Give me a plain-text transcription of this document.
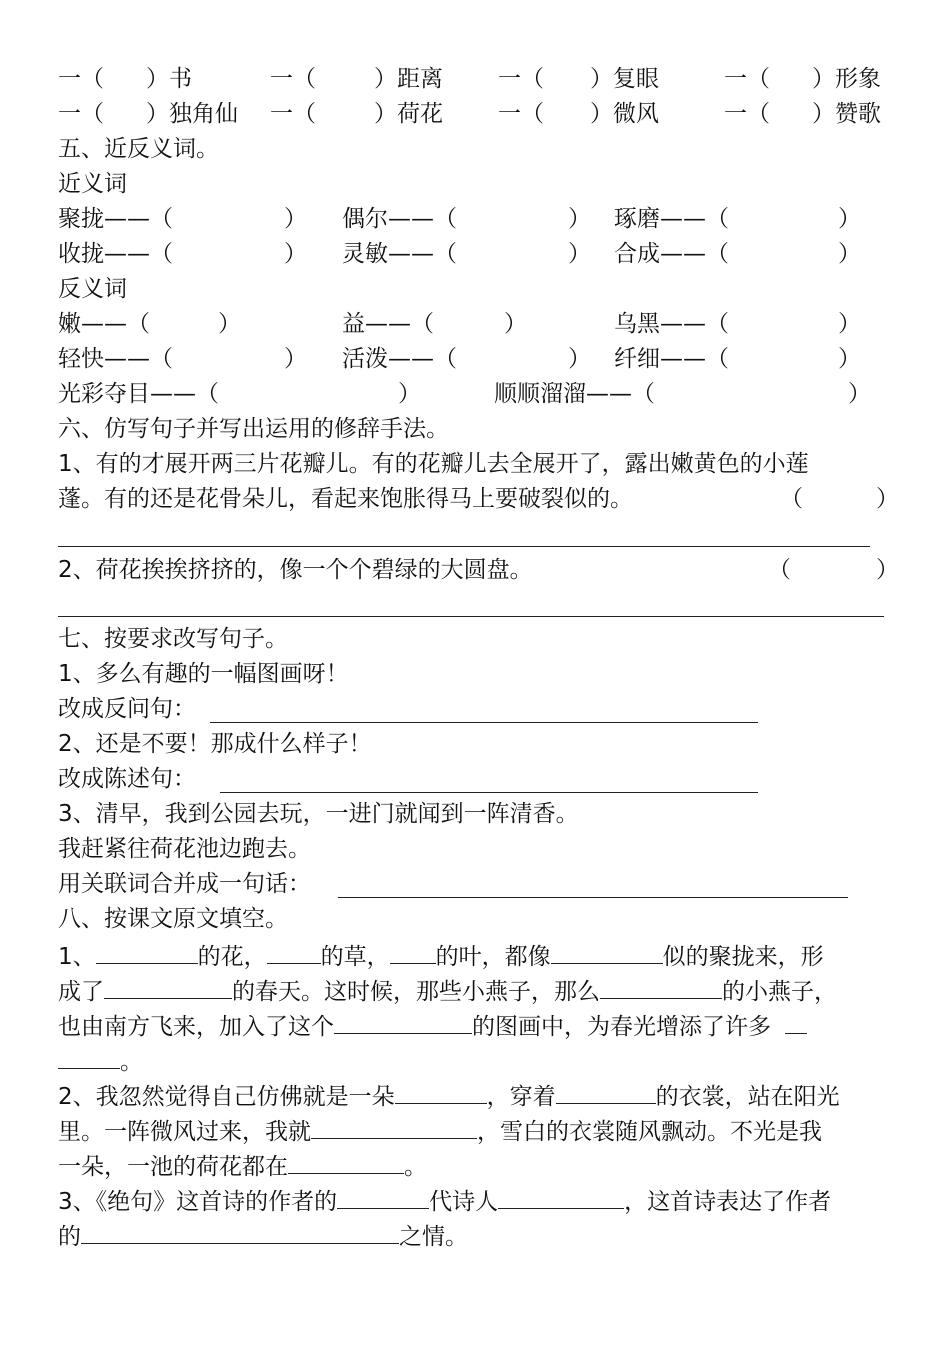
一（ ）书	一（	）距离 一（ ）复眼	一（ ）形象
一（ ）独角仙 一（	）荷花 一（ ）微风	一（ ）赞歌
五、近反义词。
近义词
聚拢——（	） 偶尔——（	） 琢磨——（	）
收拢——（	） 灵敏——（	） 合成——（	）
反义词
嫩——（	）	益——（	）	乌黑——（	）
轻快——（	） 活泼——（	） 纤细——（	）
光彩夺目——（	）	顺顺溜溜——（	）
六、仿写句子并写出运用的修辞手法。
1、有的才展开两三片花瓣儿。有的花瓣儿去全展开了，露出嫩黄色的小莲
蓬。有的还是花骨朵儿，看起来饱胀得马上要破裂似的。	（	）
2、荷花挨挨挤挤的，像一个个碧绿的大圆盘。	（	）
七、按要求改写句子。
1、多么有趣的一幅图画呀！
改成反问句：
2、还是不要！那成什么样子！
改成陈述句：
3、清早，我到公园去玩，一进门就闻到一阵清香。
我赶紧往荷花池边跑去。
用关联词合并成一句话：
八、按课文原文填空。
1、	的花， 的草， 的叶，都像	似的聚拢来，形
成了	的春天。这时候，那些小燕子，那么	的小燕子，
也由南方飞来，加入了这个	的图画中，为春光增添了许多
。
2、我忽然觉得自己仿佛就是一朵	，穿着	的衣裳，站在阳光
里。一阵微风过来，我就	，雪白的衣裳随风飘动。不光是我
一朵，一池的荷花都在	。
3、《绝句》这首诗的作者的	代诗人	，这首诗表达了作者
的	之情。
